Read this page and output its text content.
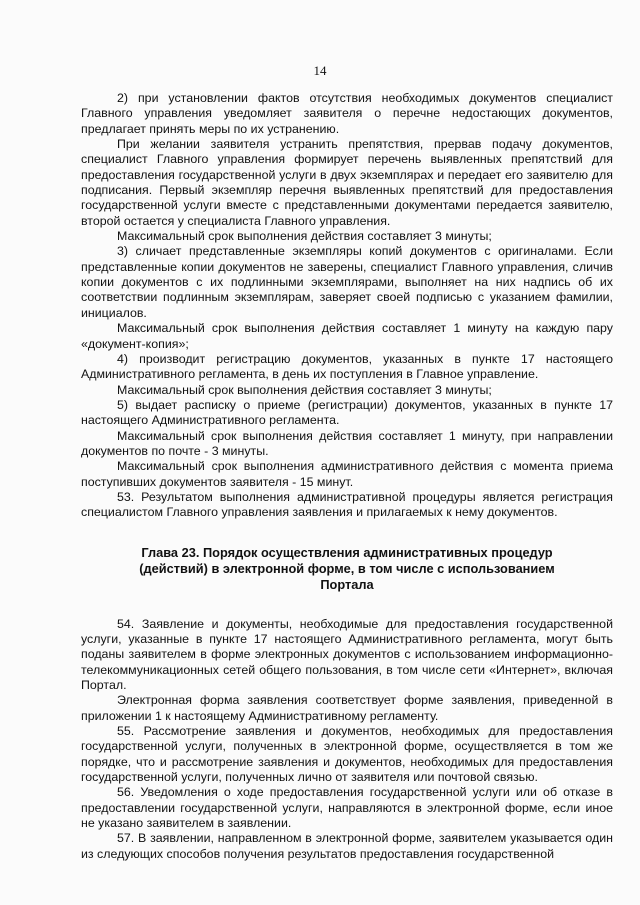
14

2) при установлении фактов отсутствия необходимых документов специалист Главного управления уведомляет заявителя о перечне недостающих документов, предлагает принять меры по их устранению.

При желании заявителя устранить препятствия, прервав подачу документов, специалист Главного управления формирует перечень выявленных препятствий для предоставления государственной услуги в двух экземплярах и передает его заявителю для подписания. Первый экземпляр перечня выявленных препятствий для предоставления государственной услуги вместе с представленными документами передается заявителю, второй остается у специалиста Главного управления.

Максимальный срок выполнения действия составляет 3 минуты;

3) сличает представленные экземпляры копий документов с оригиналами. Если представленные копии документов не заверены, специалист Главного управления, сличив копии документов с их подлинными экземплярами, выполняет на них надпись об их соответствии подлинным экземплярам, заверяет своей подписью с указанием фамилии, инициалов.

Максимальный срок выполнения действия составляет 1 минуту на каждую пару «документ-копия»;

4) производит регистрацию документов, указанных в пункте 17 настоящего Административного регламента, в день их поступления в Главное управление.

Максимальный срок выполнения действия составляет 3 минуты;

5) выдает расписку о приеме (регистрации) документов, указанных в пункте 17 настоящего Административного регламента.

Максимальный срок выполнения действия составляет 1 минуту, при направлении документов по почте - 3 минуты.

Максимальный срок выполнения административного действия с момента приема поступивших документов заявителя - 15 минут.

53. Результатом выполнения административной процедуры является регистрация специалистом Главного управления заявления и прилагаемых к нему документов.

Глава 23. Порядок осуществления административных процедур (действий) в электронной форме, в том числе с использованием Портала

54. Заявление и документы, необходимые для предоставления государственной услуги, указанные в пункте 17 настоящего Административного регламента, могут быть поданы заявителем в форме электронных документов с использованием информационно-телекоммуникационных сетей общего пользования, в том числе сети «Интернет», включая Портал.

Электронная форма заявления соответствует форме заявления, приведенной в приложении 1 к настоящему Административному регламенту.

55. Рассмотрение заявления и документов, необходимых для предоставления государственной услуги, полученных в электронной форме, осуществляется в том же порядке, что и рассмотрение заявления и документов, необходимых для предоставления государственной услуги, полученных лично от заявителя или почтовой связью.

56. Уведомления о ходе предоставления государственной услуги или об отказе в предоставлении государственной услуги, направляются в электронной форме, если иное не указано заявителем в заявлении.

57. В заявлении, направленном в электронной форме, заявителем указывается один из следующих способов получения результатов предоставления государственной
